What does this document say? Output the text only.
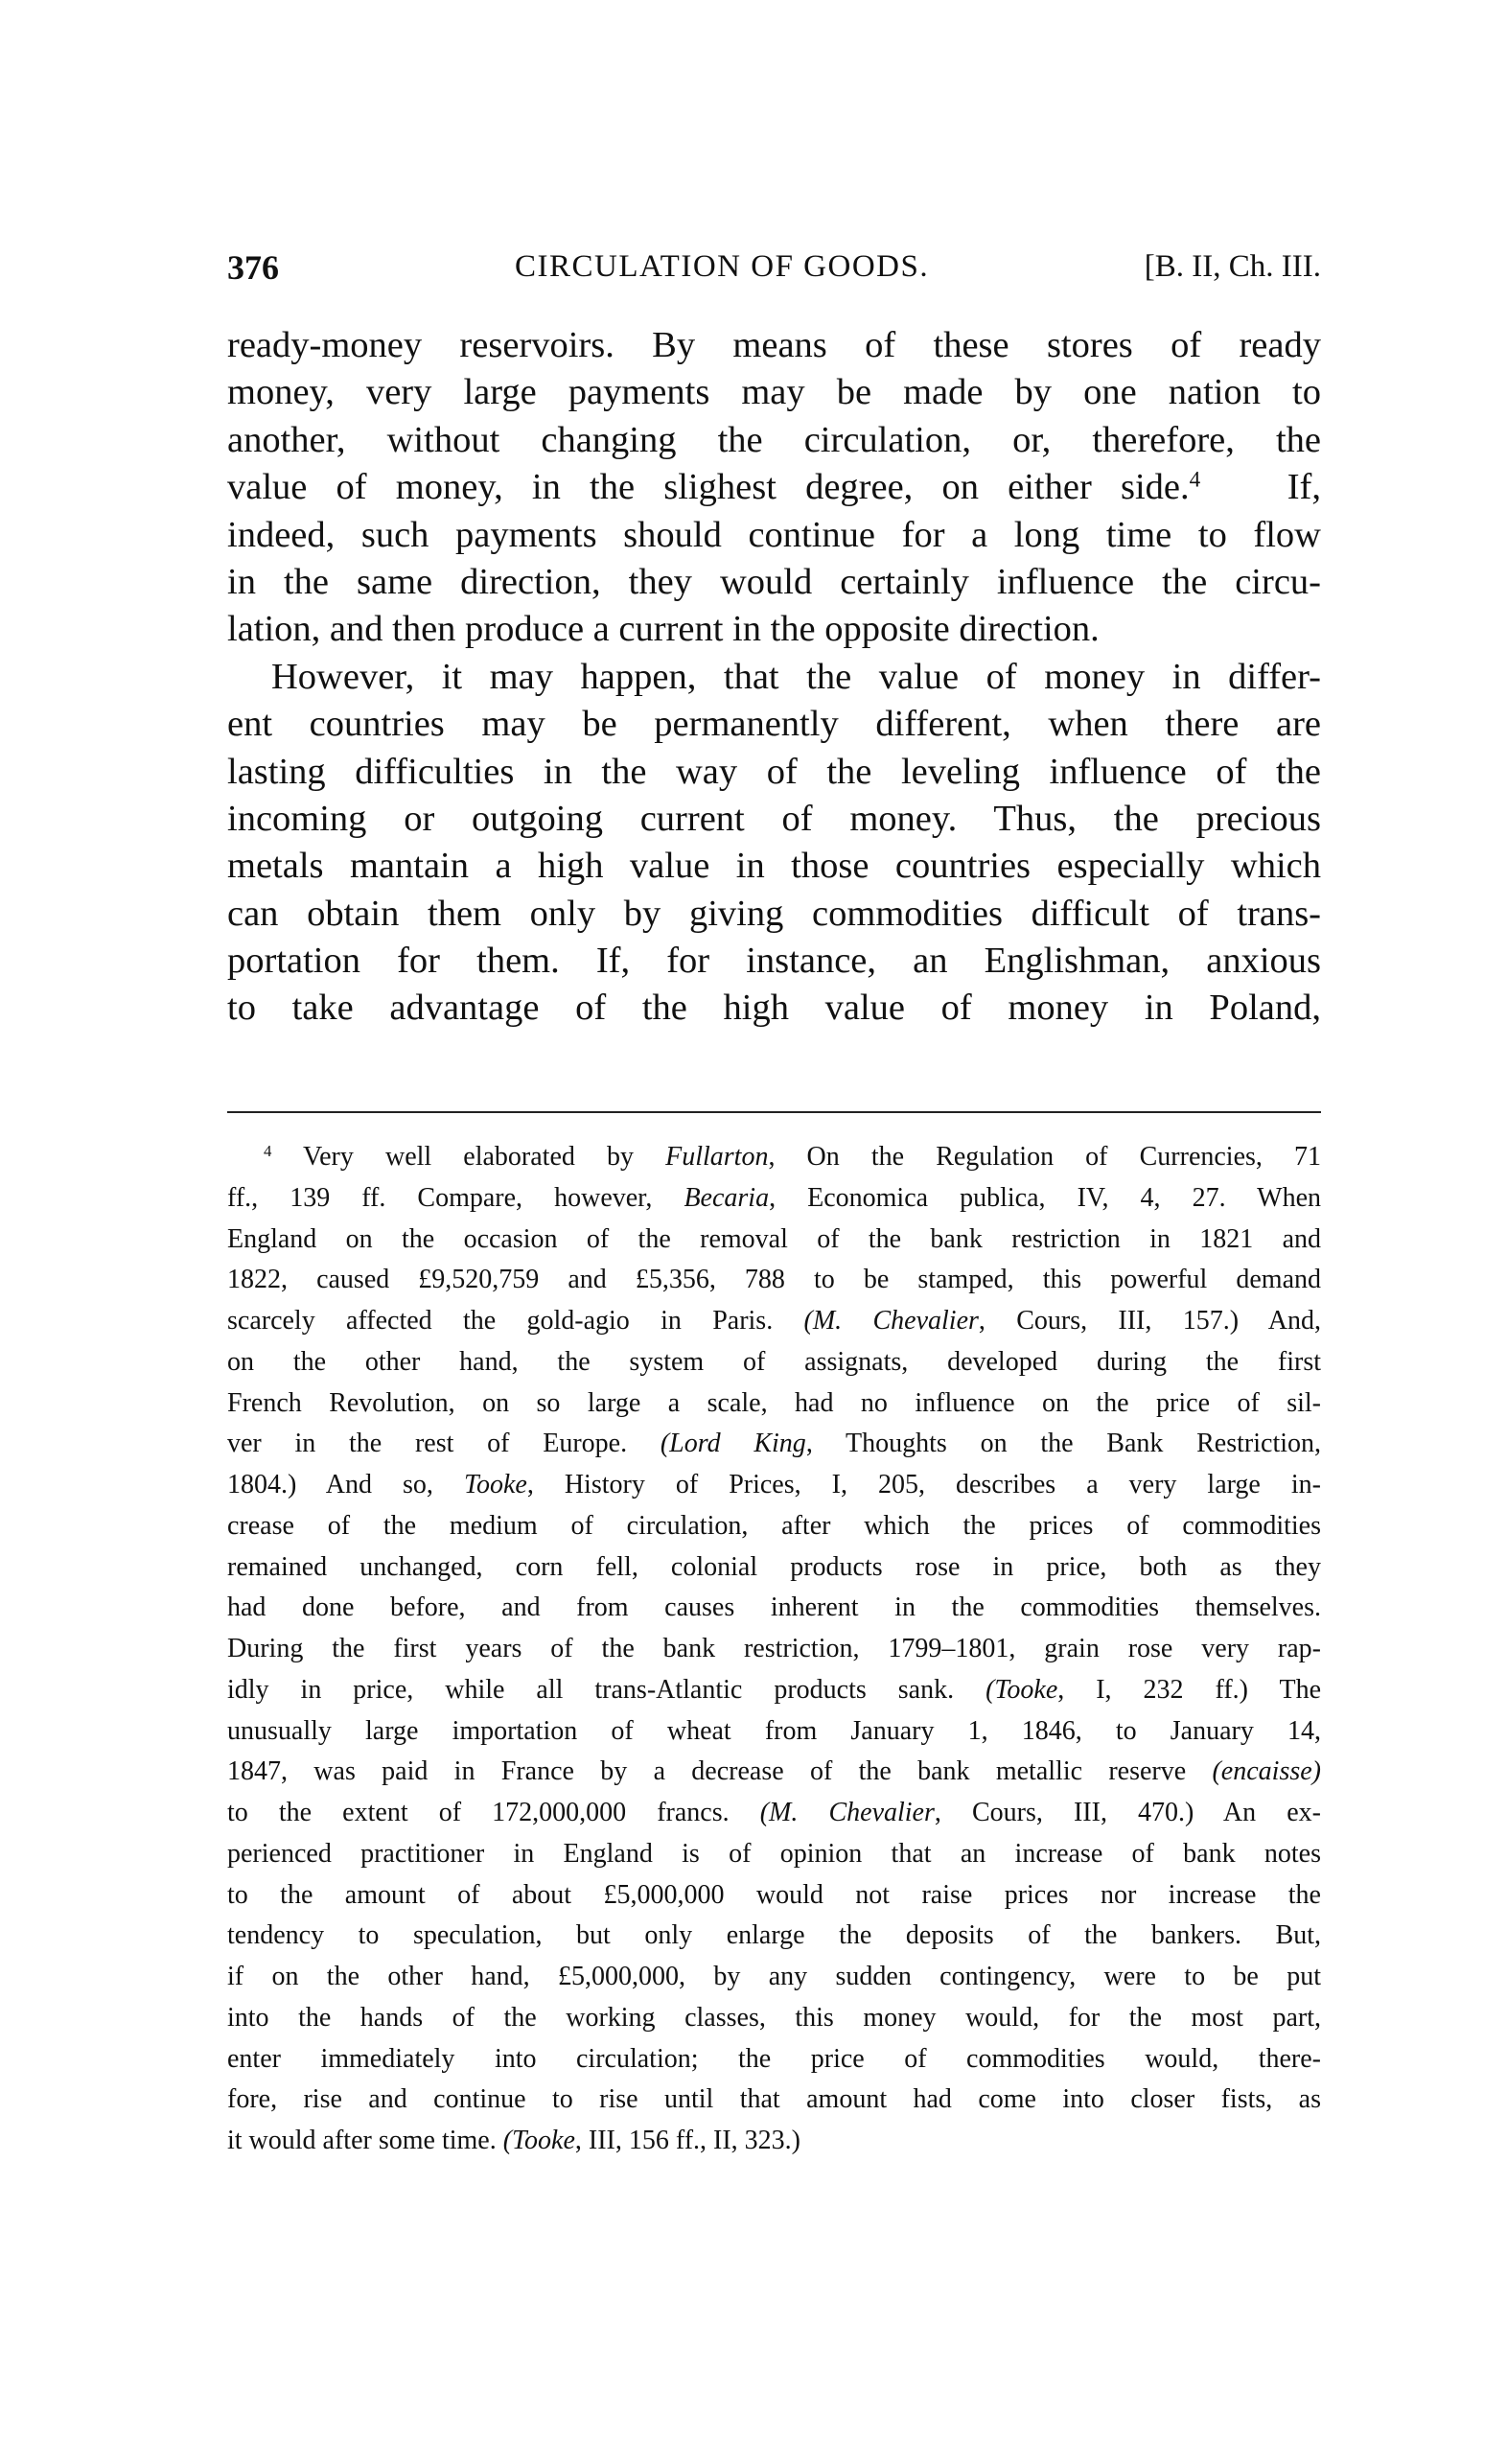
376	CIRCULATION OF GOODS.	[B. II, Ch. III.
ready-money reservoirs. By means of these stores of ready
money, very large payments may be made by one nation to
another, without changing the circulation, or, therefore, the
value of money, in the slighest degree, on either side.$^4$ If,
indeed, such payments should continue for a long time to flow
in the same direction, they would certainly influence the circu-
lation, and then produce a current in the opposite direction.
However, it may happen, that the value of money in differ-
ent countries may be permanently different, when there are
lasting difficulties in the way of the leveling influence of the
incoming or outgoing current of money. Thus, the precious
metals mantain a high value in those countries especially which
can obtain them only by giving commodities difficult of trans-
portation for them. If, for instance, an Englishman, anxious
to take advantage of the high value of money in Poland,
$^4$ Very well elaborated by Fullarton, On the Regulation of Currencies, 71
ff., 139 ff. Compare, however, Becaria, Economica publica, IV, 4, 27. When
England on the occasion of the removal of the bank restriction in 1821 and
1822, caused £9,520,759 and £5,356, 788 to be stamped, this powerful demand
scarcely affected the gold-agio in Paris. (M. Chevalier, Cours, III, 157.) And,
on the other hand, the system of assignats, developed during the first
French Revolution, on so large a scale, had no influence on the price of sil-
ver in the rest of Europe. (Lord King, Thoughts on the Bank Restriction,
1804.) And so, Tooke, History of Prices, I, 205, describes a very large in-
crease of the medium of circulation, after which the prices of commodities
remained unchanged, corn fell, colonial products rose in price, both as they
had done before, and from causes inherent in the commodities themselves.
During the first years of the bank restriction, 1799–1801, grain rose very rap-
idly in price, while all trans-Atlantic products sank. (Tooke, I, 232 ff.) The
unusually large importation of wheat from January 1, 1846, to January 14,
1847, was paid in France by a decrease of the bank metallic reserve (encaisse)
to the extent of 172,000,000 francs. (M. Chevalier, Cours, III, 470.) An ex-
perienced practitioner in England is of opinion that an increase of bank notes
to the amount of about £5,000,000 would not raise prices nor increase the
tendency to speculation, but only enlarge the deposits of the bankers. But,
if on the other hand, £5,000,000, by any sudden contingency, were to be put
into the hands of the working classes, this money would, for the most part,
enter immediately into circulation; the price of commodities would, there-
fore, rise and continue to rise until that amount had come into closer fists, as
it would after some time. (Tooke, III, 156 ff., II, 323.)
